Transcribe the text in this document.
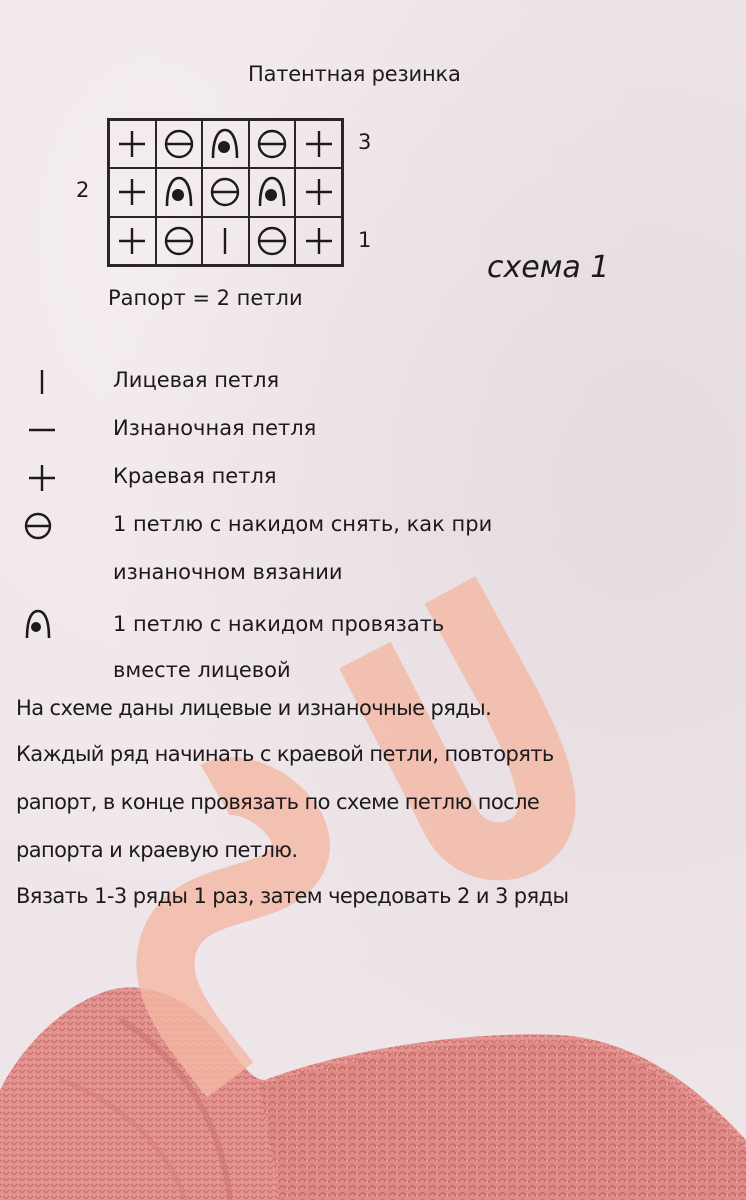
Патентная резинка
3
2
1
схема 1
Рапорт = 2 петли
Лицевая петля
Изнаночная петля
Краевая петля
1 петлю с накидом снять, как при
изнаночном вязании
1 петлю с накидом провязать
вместе лицевой
На схеме даны лицевые и изнаночные ряды.
Каждый ряд начинать с краевой петли, повторять
рапорт, в конце провязать по схеме петлю после
рапорта и краевую петлю.
Вязать 1-3 ряды 1 раз, затем чередовать 2 и 3 ряды
